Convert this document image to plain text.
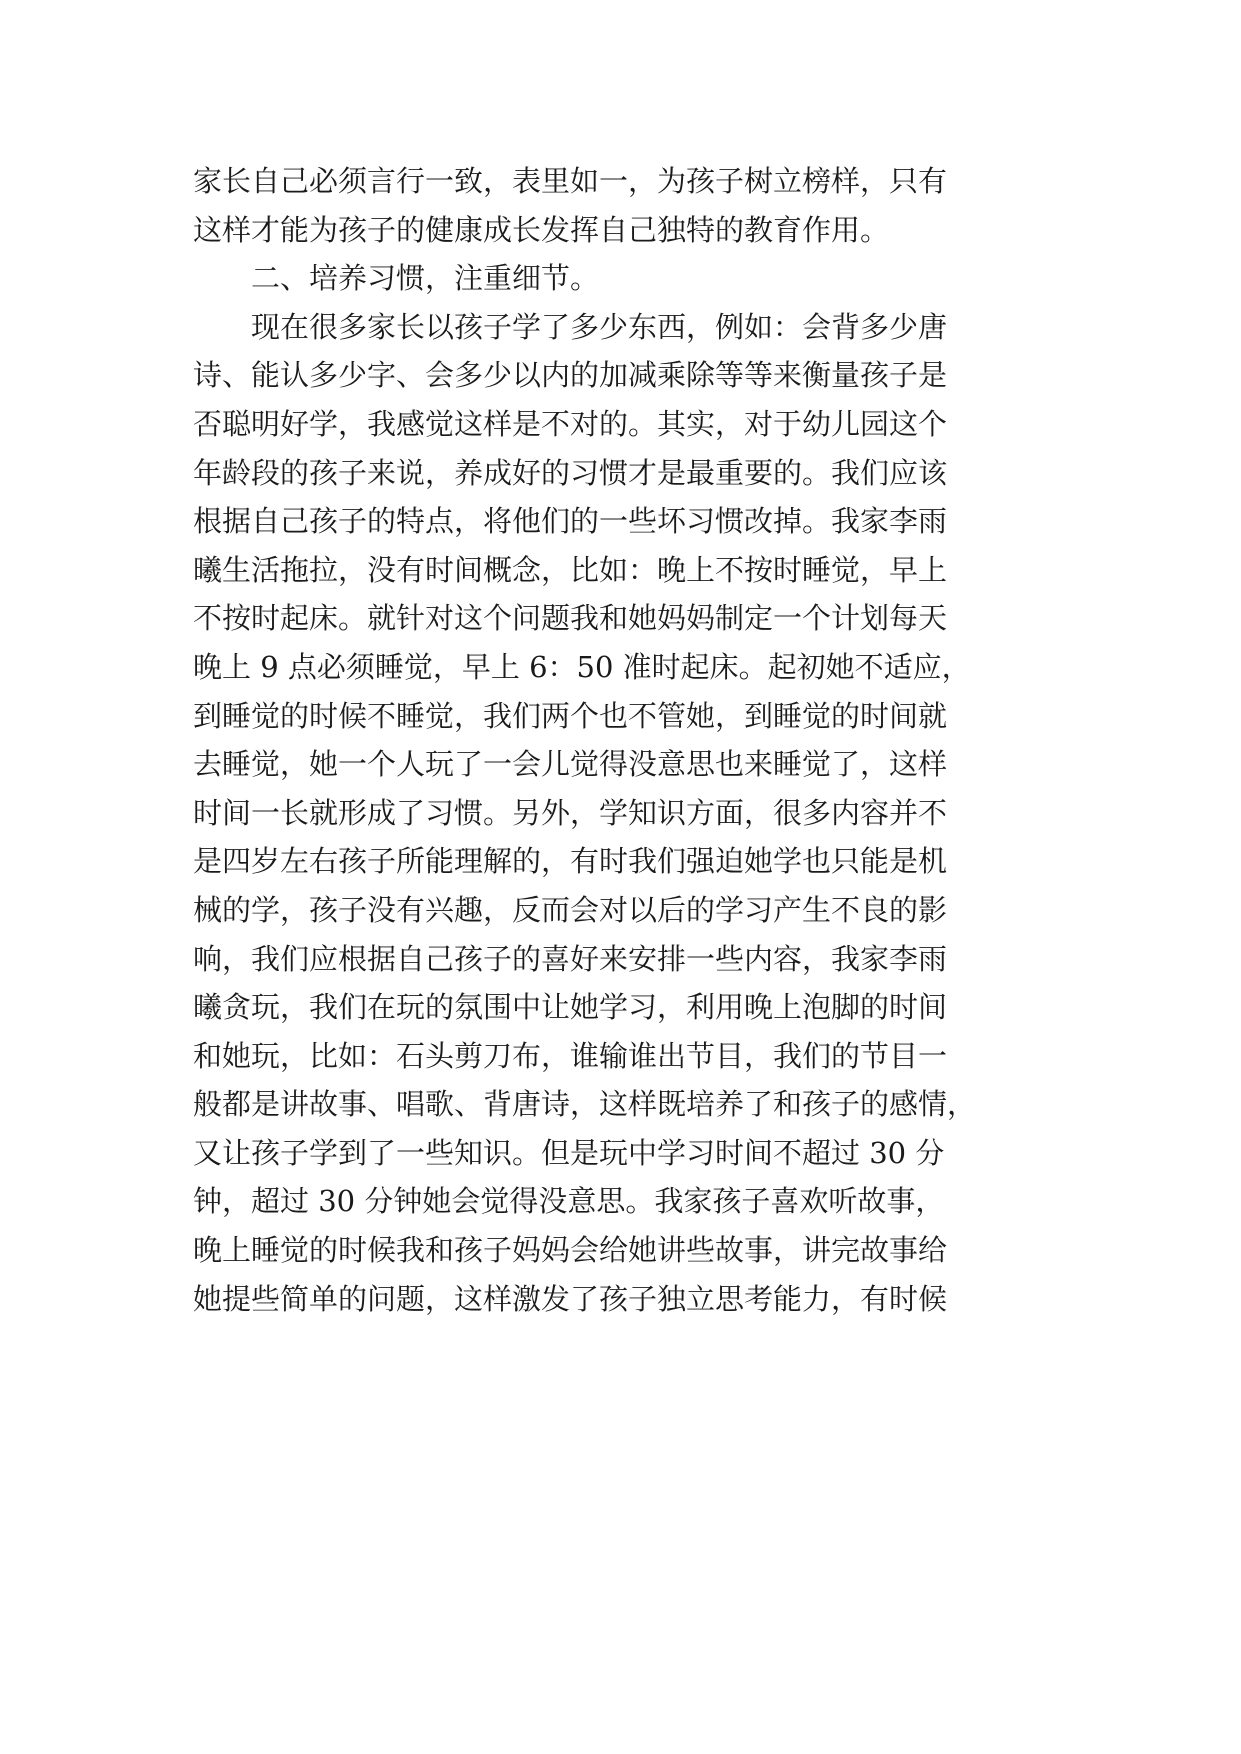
家长自己必须言行一致，表里如一，为孩子树立榜样，只有
这样才能为孩子的健康成长发挥自己独特的教育作用。
二、培养习惯，注重细节。
现在很多家长以孩子学了多少东西，例如：会背多少唐
诗、能认多少字、会多少以内的加减乘除等等来衡量孩子是
否聪明好学，我感觉这样是不对的。其实，对于幼儿园这个
年龄段的孩子来说，养成好的习惯才是最重要的。我们应该
根据自己孩子的特点，将他们的一些坏习惯改掉。我家李雨
曦生活拖拉，没有时间概念，比如：晚上不按时睡觉，早上
不按时起床。就针对这个问题我和她妈妈制定一个计划每天
晚上 9 点必须睡觉，早上 6：50 准时起床。起初她不适应，
到睡觉的时候不睡觉，我们两个也不管她，到睡觉的时间就
去睡觉，她一个人玩了一会儿觉得没意思也来睡觉了，这样
时间一长就形成了习惯。另外，学知识方面，很多内容并不
是四岁左右孩子所能理解的，有时我们强迫她学也只能是机
械的学，孩子没有兴趣，反而会对以后的学习产生不良的影
响，我们应根据自己孩子的喜好来安排一些内容，我家李雨
曦贪玩，我们在玩的氛围中让她学习，利用晚上泡脚的时间
和她玩，比如：石头剪刀布，谁输谁出节目，我们的节目一
般都是讲故事、唱歌、背唐诗，这样既培养了和孩子的感情，
又让孩子学到了一些知识。但是玩中学习时间不超过 30 分
钟，超过 30 分钟她会觉得没意思。我家孩子喜欢听故事，
晚上睡觉的时候我和孩子妈妈会给她讲些故事，讲完故事给
她提些简单的问题，这样激发了孩子独立思考能力，有时候
